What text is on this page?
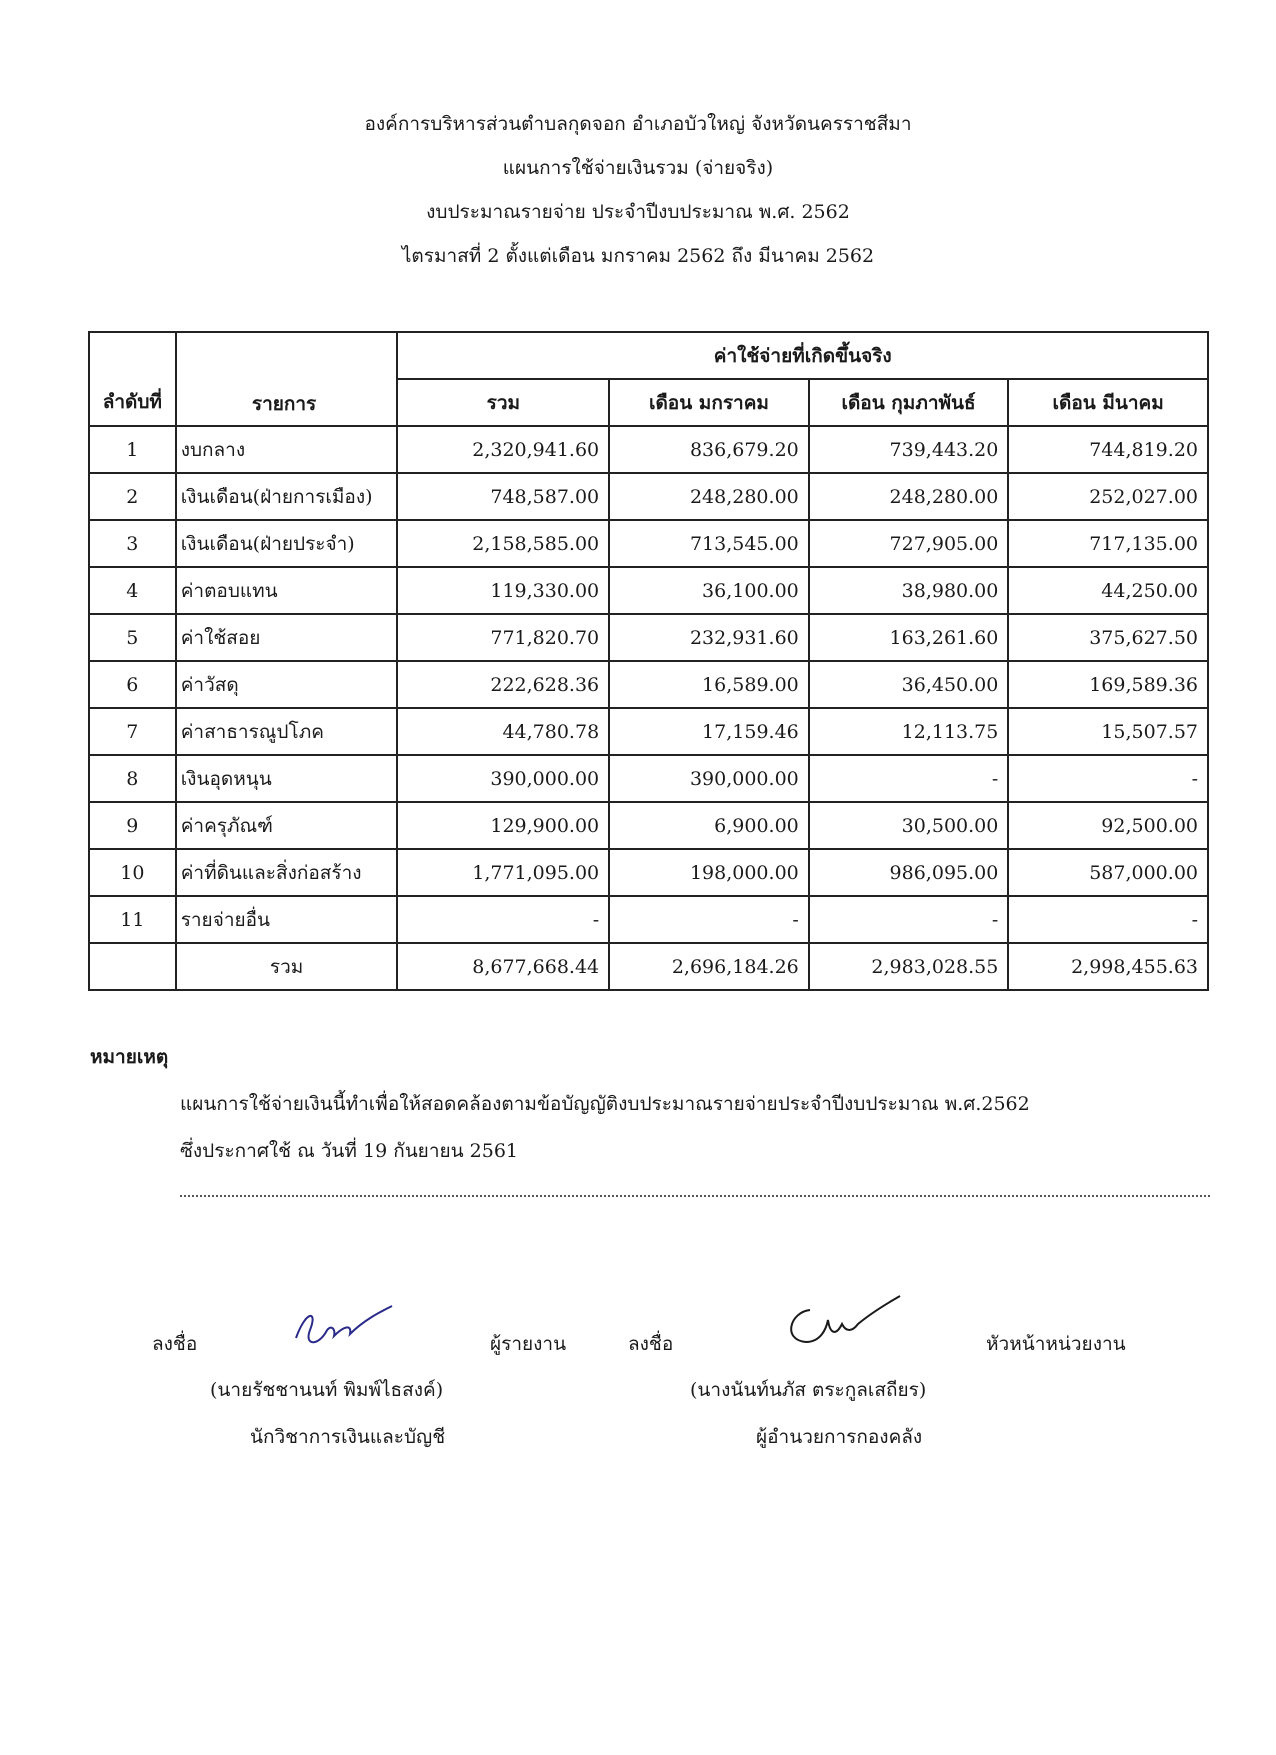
องค์การบริหารส่วนตำบลกุดจอก อำเภอบัวใหญ่ จังหวัดนครราชสีมา
แผนการใช้จ่ายเงินรวม (จ่ายจริง)
งบประมาณรายจ่าย ประจำปีงบประมาณ พ.ศ. 2562
ไตรมาสที่ 2 ตั้งแต่เดือน มกราคม 2562 ถึง มีนาคม 2562
ลำดับที่	รายการ	ค่าใช้จ่ายที่เกิดขึ้นจริง			
		รวม	เดือน มกราคม	เดือน กุมภาพันธ์	เดือน มีนาคม
1	งบกลาง	2,320,941.60	836,679.20	739,443.20	744,819.20
2	เงินเดือน(ฝ่ายการเมือง)	748,587.00	248,280.00	248,280.00	252,027.00
3	เงินเดือน(ฝ่ายประจำ)	2,158,585.00	713,545.00	727,905.00	717,135.00
4	ค่าตอบแทน	119,330.00	36,100.00	38,980.00	44,250.00
5	ค่าใช้สอย	771,820.70	232,931.60	163,261.60	375,627.50
6	ค่าวัสดุ	222,628.36	16,589.00	36,450.00	169,589.36
7	ค่าสาธารณูปโภค	44,780.78	17,159.46	12,113.75	15,507.57
8	เงินอุดหนุน	390,000.00	390,000.00	-	-
9	ค่าครุภัณฑ์	129,900.00	6,900.00	30,500.00	92,500.00
10	ค่าที่ดินและสิ่งก่อสร้าง	1,771,095.00	198,000.00	986,095.00	587,000.00
11	รายจ่ายอื่น	-	-	-	-
	รวม	8,677,668.44	2,696,184.26	2,983,028.55	2,998,455.63
หมายเหตุ
แผนการใช้จ่ายเงินนี้ทำเพื่อให้สอดคล้องตามข้อบัญญัติงบประมาณรายจ่ายประจำปีงบประมาณ พ.ศ.2562
ซึ่งประกาศใช้ ณ วันที่ 19 กันยายน 2561
ลงชื่อ	ผู้รายงาน
(นายรัชชานนท์ พิมพ์ไธสงค์)
นักวิชาการเงินและบัญชี
ลงชื่อ	หัวหน้าหน่วยงาน
(นางนันท์นภัส ตระกูลเสถียร)
ผู้อำนวยการกองคลัง
